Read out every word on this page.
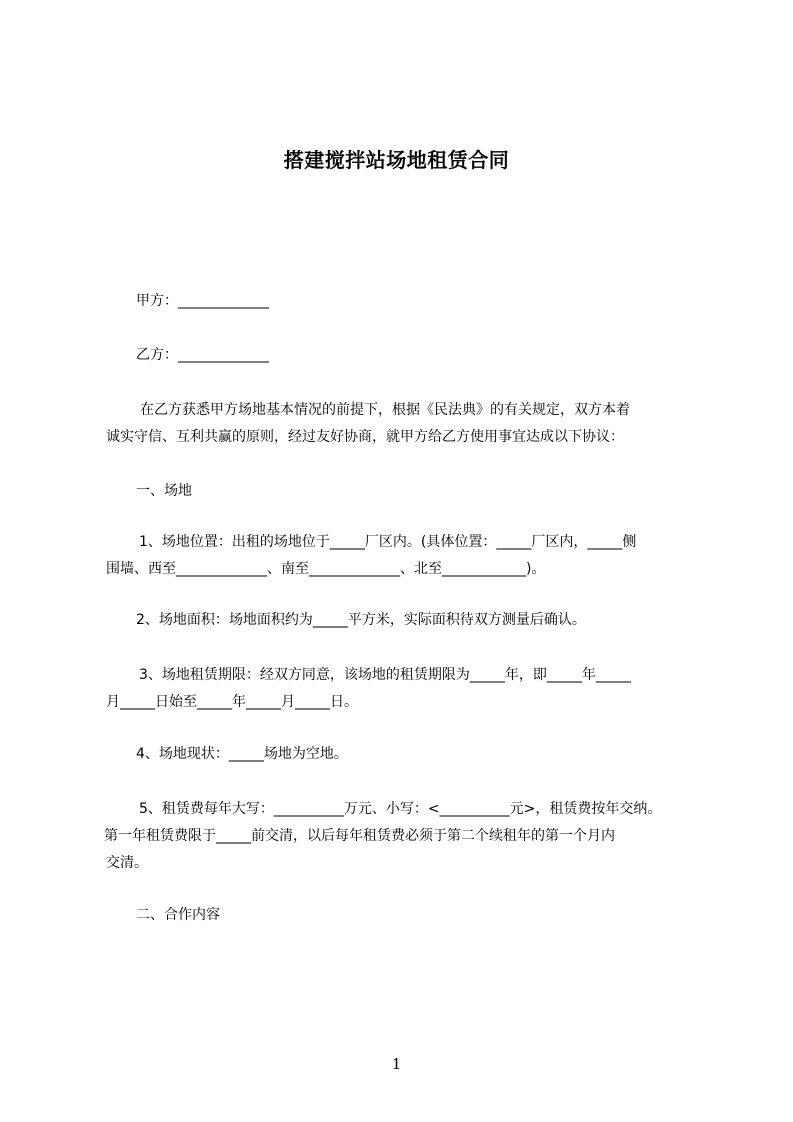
搭建搅拌站场地租赁合同
甲方：_____________
乙方：_____________
在乙方获悉甲方场地基本情况的前提下，根据《民法典》的有关规定，双方本着
诚实守信、互利共赢的原则，经过友好协商，就甲方给乙方使用事宜达成以下协议：
一、场地
1、场地位置：出租的场地位于_____厂区内。(具体位置：_____厂区内，_____侧
围墙、西至_____________、南至_____________、北至____________)。
2、场地面积：场地面积约为_____平方米，实际面积待双方测量后确认。
3、场地租赁期限：经双方同意，该场地的租赁期限为_____年，即_____年_____
月_____日始至_____年_____月_____日。
4、场地现状：_____场地为空地。
5、租赁费每年大写：__________万元、小写：<__________元>，租赁费按年交纳。
第一年租赁费限于_____前交清，以后每年租赁费必须于第二个续租年的第一个月内
交清。
二、合作内容
1
